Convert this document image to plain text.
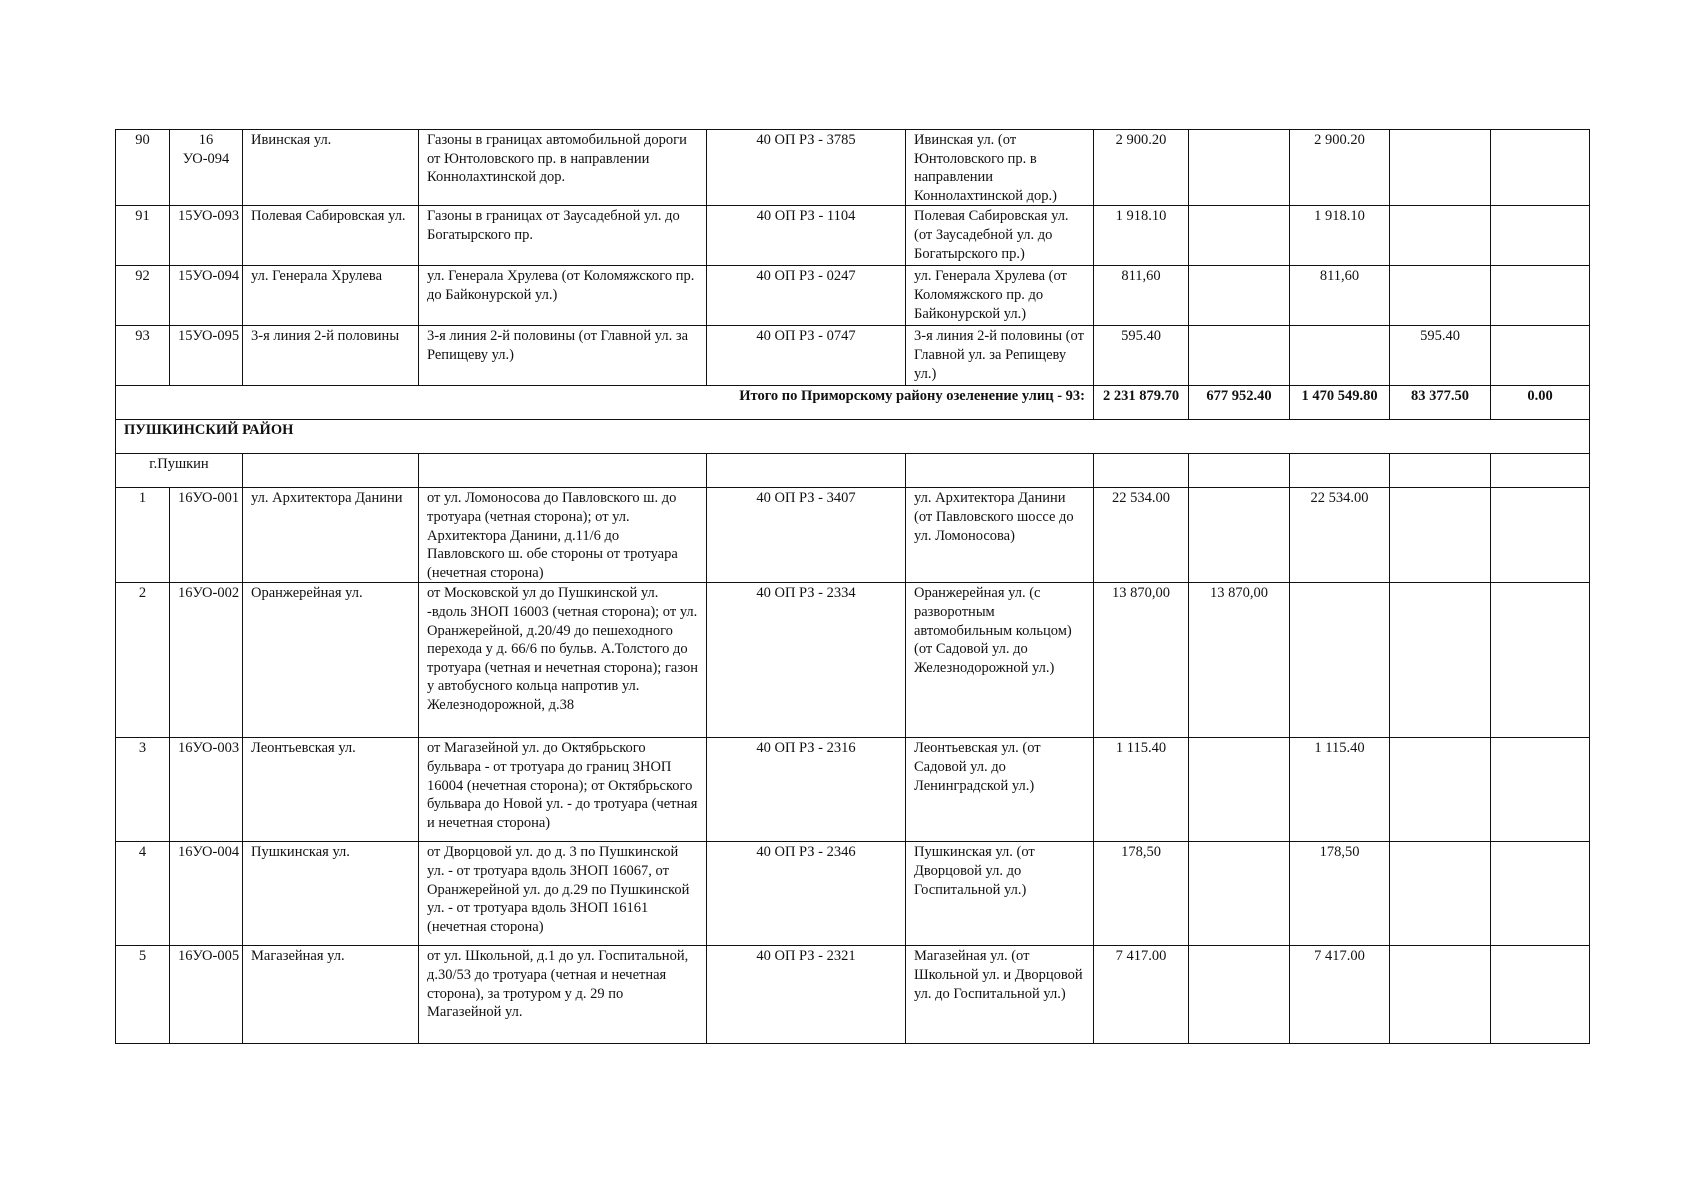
90	16 УО-094	Ивинская ул.	Газоны в границах автомобильной дороги от Юнтоловского пр. в направлении Коннолахтинской дор.	40 ОП РЗ - 3785	Ивинская ул. (от Юнтоловского пр. в направлении Коннолахтинской дор.)	2 900.20		2 900.20		
91	15УО-093	Полевая Сабировская ул.	Газоны в границах от Заусадебной ул. до Богатырского пр.	40 ОП РЗ - 1104	Полевая Сабировская ул. (от Заусадебной ул. до Богатырского пр.)	1 918.10		1 918.10		
92	15УО-094	ул. Генерала Хрулева	ул. Генерала Хрулева (от Коломяжского пр. до Байконурской ул.)	40 ОП РЗ - 0247	ул. Генерала Хрулева (от Коломяжского пр. до Байконурской ул.)	811,60		811,60		
93	15УО-095	3-я линия 2-й половины	3-я линия 2-й половины (от Главной ул. за Репищеву ул.)	40 ОП РЗ - 0747	3-я линия 2-й половины (от Главной ул. за Репищеву ул.)	595.40			595.40	
Итого по Приморскому району озеленение улиц - 93:						2 231 879.70	677 952.40	1 470 549.80	83 377.50	0.00
ПУШКИНСКИЙ РАЙОН										
г.Пушкин										
1	16УО-001	ул. Архитектора Данини	от ул. Ломоносова до Павловского ш. до тротуара (четная сторона); от ул. Архитектора Данини, д.11/6 до Павловского ш. обе стороны от тротуара (нечетная сторона)	40 ОП РЗ - 3407	ул. Архитектора Данини (от Павловского шоссе до ул. Ломоносова)	22 534.00		22 534.00		
2	16УО-002	Оранжерейная ул.	от Московской ул до Пушкинской ул. -вдоль ЗНОП 16003 (четная сторона); от ул. Оранжерейной, д.20/49 до пешеходного перехода у д. 66/6 по бульв. А.Толстого до тротуара (четная и нечетная сторона); газон у автобусного кольца напротив ул. Железнодорожной, д.38	40 ОП РЗ - 2334	Оранжерейная ул. (с разворотным автомобильным кольцом) (от Садовой ул. до Железнодорожной ул.)	13 870,00	13 870,00			
3	16УО-003	Леонтьевская ул.	от Магазейной ул. до Октябрьского бульвара - от тротуара до границ ЗНОП 16004 (нечетная сторона); от Октябрьского бульвара до Новой ул. - до тротуара (четная и нечетная сторона)	40 ОП РЗ - 2316	Леонтьевская ул. (от Садовой ул. до Ленинградской ул.)	1 115.40		1 115.40		
4	16УО-004	Пушкинская ул.	от Дворцовой ул. до д. 3 по Пушкинской ул. - от тротуара вдоль ЗНОП 16067, от Оранжерейной ул. до д.29 по Пушкинской ул. - от тротуара вдоль ЗНОП 16161 (нечетная сторона)	40 ОП РЗ - 2346	Пушкинская ул. (от Дворцовой ул. до Госпитальной ул.)	178,50		178,50		
5	16УО-005	Магазейная ул.	от ул. Школьной, д.1 до ул. Госпитальной, д.30/53 до тротуара (четная и нечетная сторона), за тротуром у д. 29 по Магазейной ул.	40 ОП РЗ - 2321	Магазейная ул. (от Школьной ул. и Дворцовой ул. до Госпитальной ул.)	7 417.00		7 417.00		
